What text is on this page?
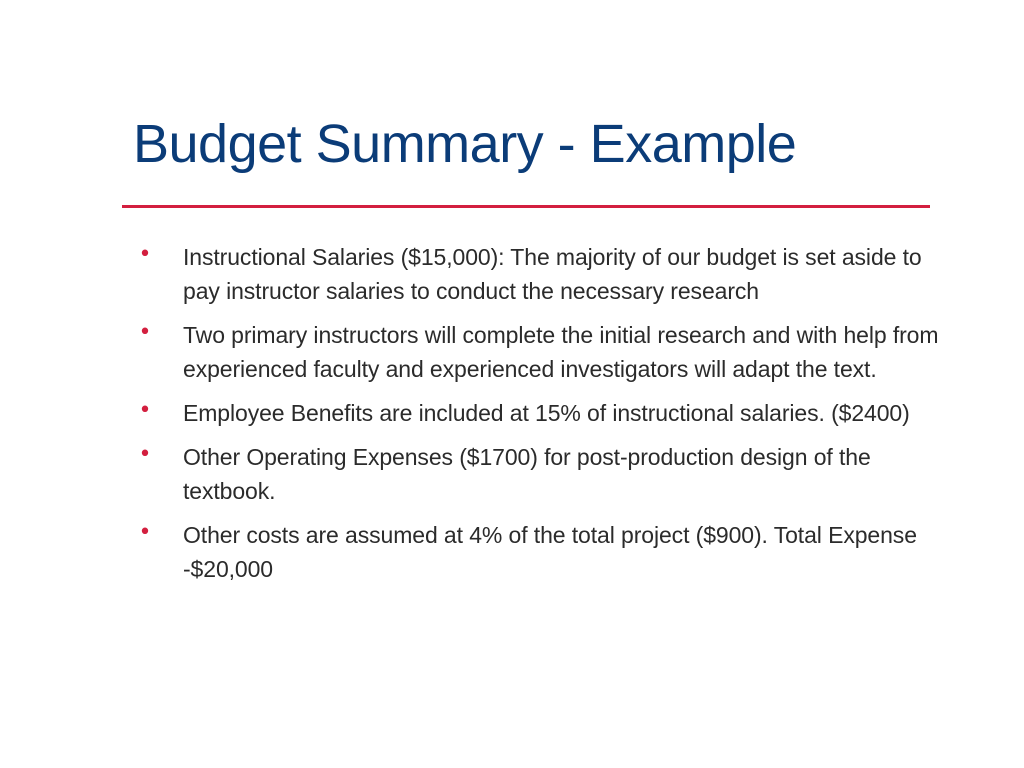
Budget Summary - Example
• Instructional Salaries ($15,000): The majority of our budget is set aside to pay instructor salaries to conduct the necessary research
• Two primary instructors will complete the initial research and with help from experienced faculty and experienced investigators will adapt the text.
• Employee Benefits are included at 15% of instructional salaries. ($2400)
• Other Operating Expenses ($1700) for post-production design of the textbook.
• Other costs are assumed at 4% of the total project ($900). Total Expense -$20,000
